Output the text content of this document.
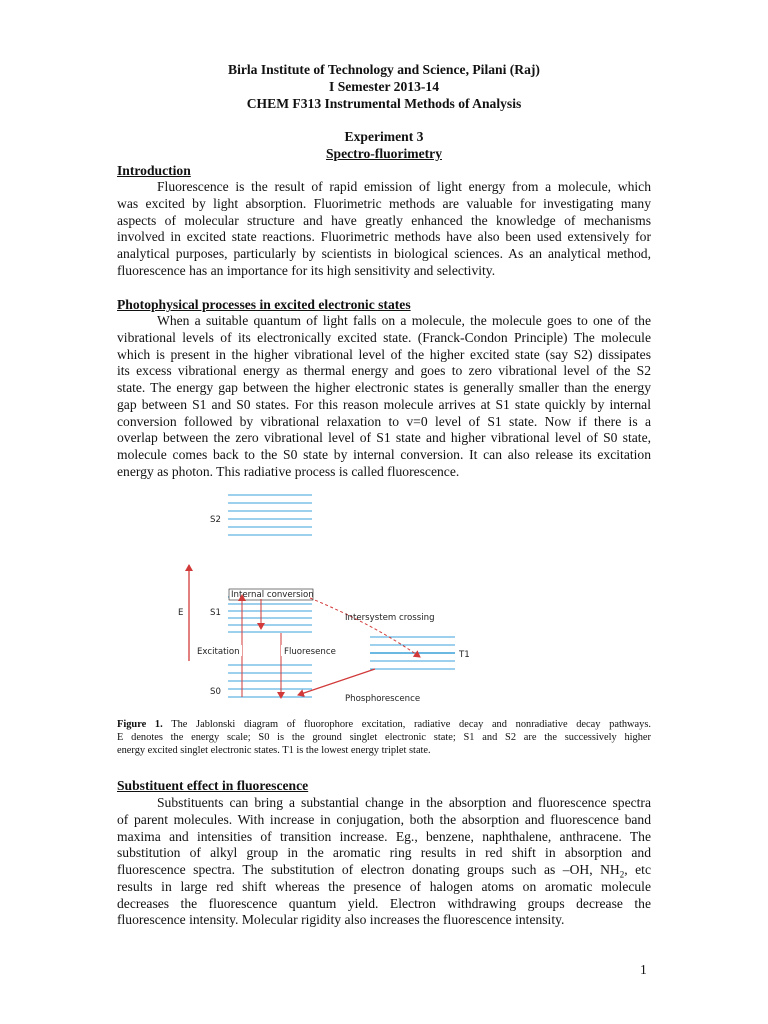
Birla Institute of Technology and Science, Pilani (Raj)
I Semester 2013-14
CHEM F313 Instrumental Methods of Analysis
Experiment 3
Spectro-fluorimetry
Introduction
Fluorescence is the result of rapid emission of light energy from a molecule, which
was excited by light absorption. Fluorimetric methods are valuable for investigating many
aspects of molecular structure and have greatly enhanced the knowledge of mechanisms
involved in excited state reactions. Fluorimetric methods have also been used extensively for
analytical purposes, particularly by scientists in biological sciences. As an analytical method,
fluorescence has an importance for its high sensitivity and selectivity.
Photophysical processes in excited electronic states
When a suitable quantum of light falls on a molecule, the molecule goes to one of the
vibrational levels of its electronically excited state. (Franck-Condon Principle) The molecule
which is present in the higher vibrational level of the higher excited state (say S2) dissipates
its excess vibrational energy as thermal energy and goes to zero vibrational level of the S2
state. The energy gap between the higher electronic states is generally smaller than the energy
gap between S1 and S0 states. For this reason molecule arrives at S1 state quickly by internal
conversion followed by vibrational relaxation to v=0 level of S1 state. Now if there is a
overlap between the zero vibrational level of S1 state and higher vibrational level of S0 state,
molecule comes back to the S0 state by internal conversion. It can also release its excitation
energy as photon. This radiative process is called fluorescence.
S2
S1
S0
T1
E
Internal conversion
Excitation	Fluoresence
Intersystem crossing
Phosphorescence
Figure 1. The Jablonski diagram of fluorophore excitation, radiative decay and nonradiative decay pathways.
E denotes the energy scale; S0 is the ground singlet electronic state; S1 and S2 are the successively higher
energy excited singlet electronic states. T1 is the lowest energy triplet state.
Substituent effect in fluorescence
Substituents can bring a substantial change in the absorption and fluorescence spectra
of parent molecules. With increase in conjugation, both the absorption and fluorescence band
maxima and intensities of transition increase. Eg., benzene, naphthalene, anthracene. The
substitution of alkyl group in the aromatic ring results in red shift in absorption and
fluorescence spectra. The substitution of electron donating groups such as –OH, $NH_2$, etc
results in large red shift whereas the presence of halogen atoms on aromatic molecule
decreases the fluorescence quantum yield. Electron withdrawing groups decrease the
fluorescence intensity. Molecular rigidity also increases the fluorescence intensity.
1
